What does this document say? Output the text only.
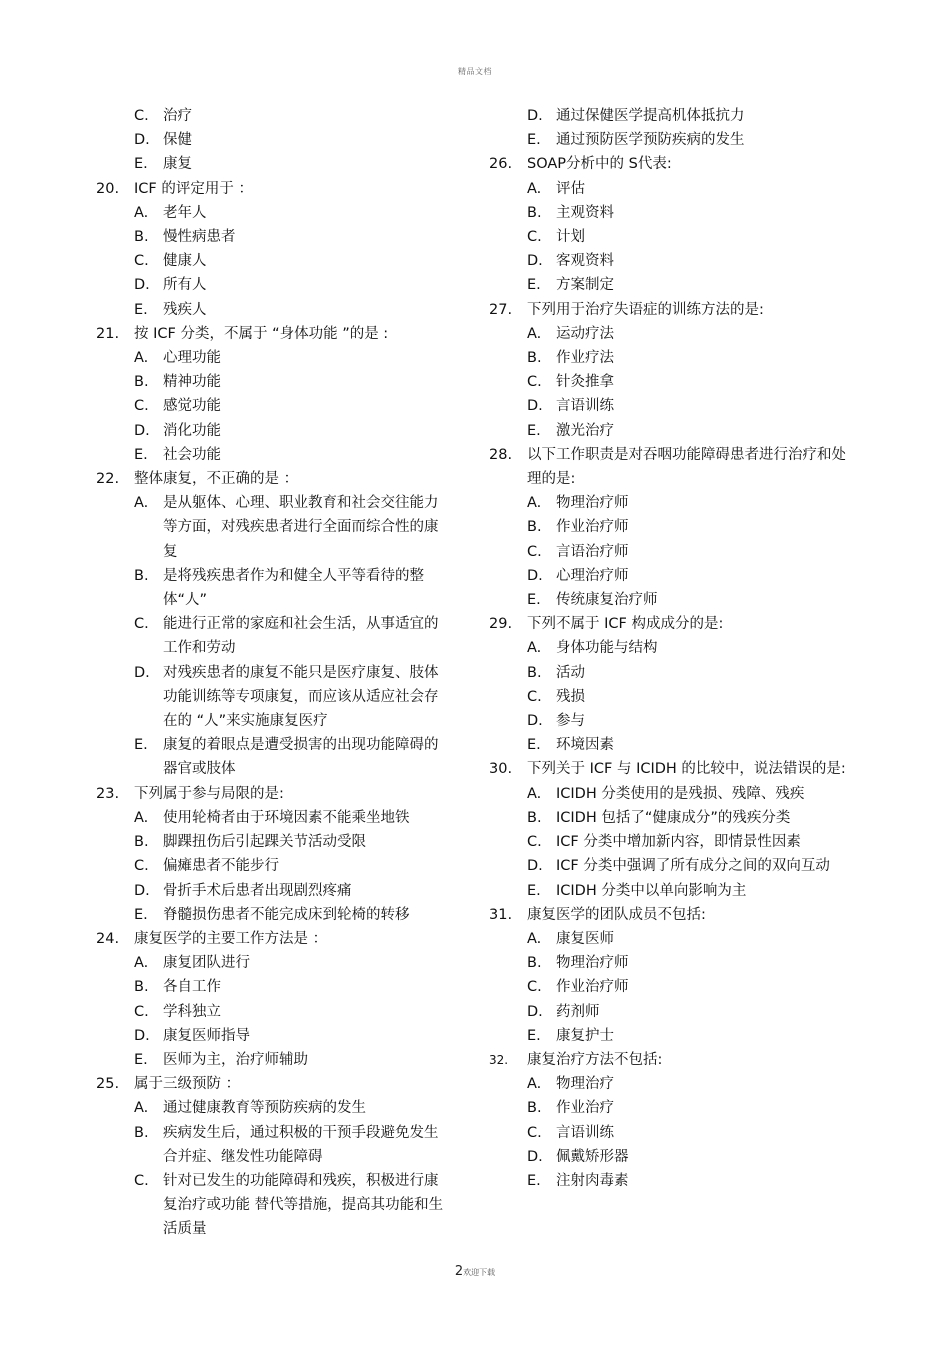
精品文档
C. 治疗
D. 保健
E.	康复
20.	ICF 的评定用于 ：
A.	老年人
B. 慢性病患者
C. 健康人
D. 所有人
E.	残疾人
21.	按 ICF 分类，不属于 “身体功能 ”的是 :
A.	心理功能
B. 精神功能
C. 感觉功能
D. 消化功能
E.	社会功能
22.	整体康复，不正确的是 ：
A.	是从躯体、心理、职业教育和社会交往能力等方面，对残疾患者进行全面而综合性的康复
B. 是将残疾患者作为和健全人平等看待的整体“人”
C. 能进行正常的家庭和社会生活，从事适宜的工作和劳动
D. 对残疾患者的康复不能只是医疗康复、肢体功能训练等专项康复，而应该从适应社会存在的 “人”来实施康复医疗
E.	康复的着眼点是遭受损害的出现功能障碍的器官或肢体
23.	下列属于参与局限的是:
A.	使用轮椅者由于环境因素不能乘坐地铁
B. 脚踝扭伤后引起踝关节活动受限
C. 偏瘫患者不能步行
D. 骨折手术后患者出现剧烈疼痛
E.	脊髓损伤患者不能完成床到轮椅的转移
24.	康复医学的主要工作方法是 ：
A.	康复团队进行
B. 各自工作
C. 学科独立
D. 康复医师指导
E.	医师为主，治疗师辅助
25.	属于三级预防 ：
A.	通过健康教育等预防疾病的发生
B. 疾病发生后，通过积极的干预手段避免发生合并症、继发性功能障碍
C. 针对已发生的功能障碍和残疾，积极进行康复治疗或功能 替代等措施，提高其功能和生活质量
D. 通过保健医学提高机体抵抗力
E.	通过预防医学预防疾病的发生
26.	SOAP分析中的 S代表:
A.	评估
B. 主观资料
C. 计划
D. 客观资料
E.	方案制定
27.	下列用于治疗失语症的训练方法的是:
A.	运动疗法
B. 作业疗法
C. 针灸推拿
D. 言语训练
E.	激光治疗
28.	以下工作职责是对吞咽功能障碍患者进行治疗和处理的是:
A.	物理治疗师
B. 作业治疗师
C. 言语治疗师
D. 心理治疗师
E.	传统康复治疗师
29.	下列不属于 ICF 构成成分的是:
A.	身体功能与结构
B. 活动
C. 残损
D. 参与
E.	环境因素
30.	下列关于 ICF 与 ICIDH 的比较中，说法错误的是:
A.	ICIDH 分类使用的是残损、残障、残疾
B. ICIDH 包括了“健康成分”的残疾分类
C. ICF 分类中增加新内容，即情景性因素
D. ICF 分类中强调了所有成分之间的双向互动
E.	ICIDH 分类中以单向影响为主
31.	康复医学的团队成员不包括:
A.	康复医师
B. 物理治疗师
C. 作业治疗师
D. 药剂师
E.	康复护士
32.	康复治疗方法不包括:
A.	物理治疗
B. 作业治疗
C. 言语训练
D. 佩戴矫形器
E.	注射肉毒素
2欢迎下载
